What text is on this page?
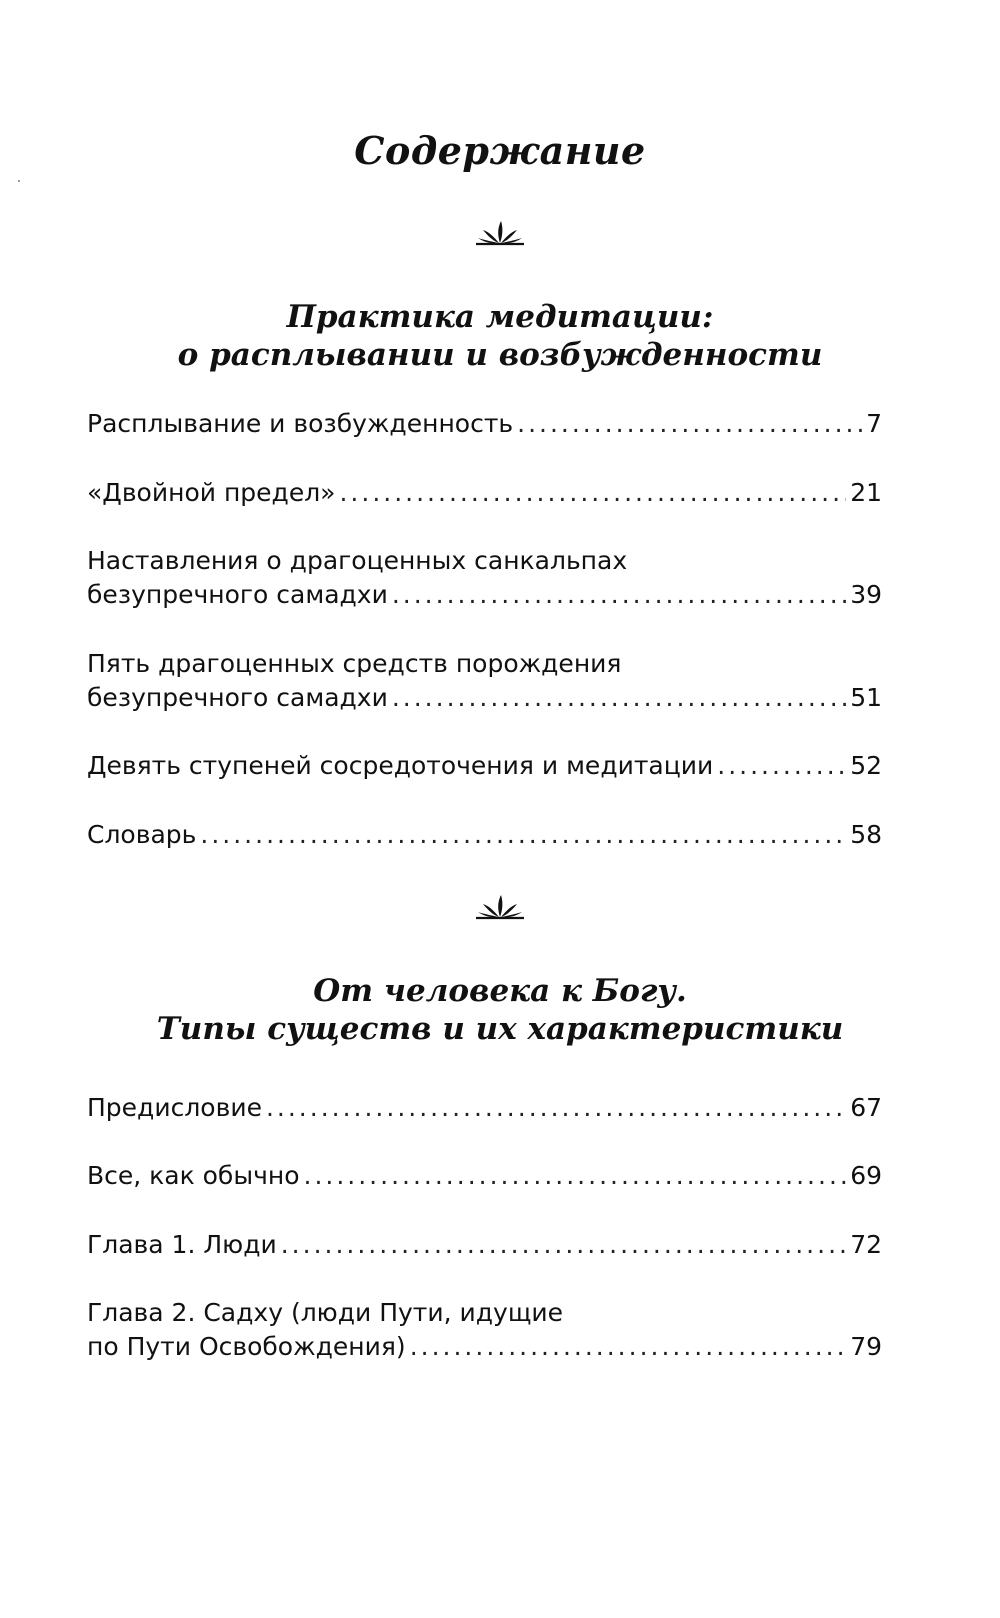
Содержание
Практика медитации:
о расплывании и возбужденности
Расплывание и возбужденность .....	7
«Двойной предел» .....	21
Наставления о драгоценных санкальпах
безупречного самадхи .....	39
Пять драгоценных средств порождения
безупречного самадхи .....	51
Девять ступеней сосредоточения и медитации .....	52
Словарь .....	58
От человека к Богу.
Типы существ и их характеристики
Предисловие .....	67
Все, как обычно .....	69
Глава 1. Люди .....	72
Глава 2. Садху (люди Пути, идущие
по Пути Освобождения) .....	79
